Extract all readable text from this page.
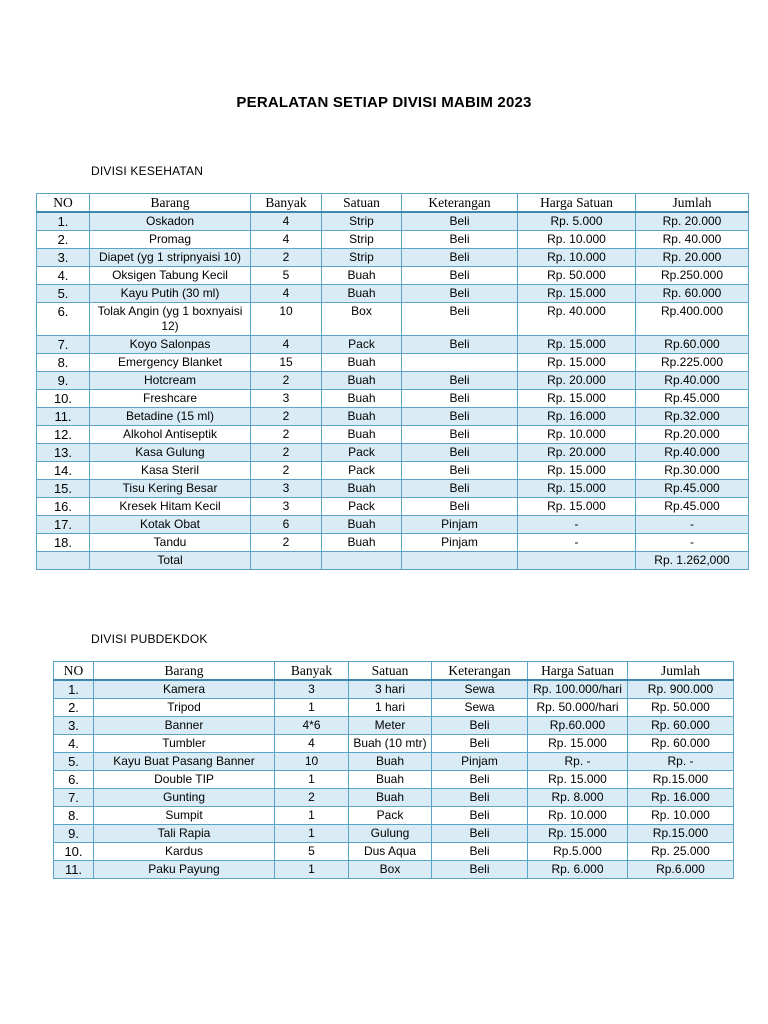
PERALATAN SETIAP DIVISI MABIM 2023
DIVISI KESEHATAN
NO	Barang	Banyak	Satuan	Keterangan	Harga Satuan	Jumlah
1.	Oskadon	4	Strip	Beli	Rp. 5.000	Rp. 20.000
2.	Promag	4	Strip	Beli	Rp. 10.000	Rp. 40.000
3.	Diapet (yg 1 stripnyaisi 10)	2	Strip	Beli	Rp. 10.000	Rp. 20.000
4.	Oksigen Tabung Kecil	5	Buah	Beli	Rp. 50.000	Rp.250.000
5.	Kayu Putih (30 ml)	4	Buah	Beli	Rp. 15.000	Rp. 60.000
6.	Tolak Angin (yg 1 boxnyaisi 12)	10	Box	Beli	Rp. 40.000	Rp.400.000
7.	Koyo Salonpas	4	Pack	Beli	Rp. 15.000	Rp.60.000
8.	Emergency Blanket	15	Buah		Rp. 15.000	Rp.225.000
9.	Hotcream	2	Buah	Beli	Rp. 20.000	Rp.40.000
10.	Freshcare	3	Buah	Beli	Rp. 15.000	Rp.45.000
11.	Betadine (15 ml)	2	Buah	Beli	Rp. 16.000	Rp.32.000
12.	Alkohol Antiseptik	2	Buah	Beli	Rp. 10.000	Rp.20.000
13.	Kasa Gulung	2	Pack	Beli	Rp. 20.000	Rp.40.000
14.	Kasa Steril	2	Pack	Beli	Rp. 15.000	Rp.30.000
15.	Tisu Kering Besar	3	Buah	Beli	Rp. 15.000	Rp.45.000
16.	Kresek Hitam Kecil	3	Pack	Beli	Rp. 15.000	Rp.45.000
17.	Kotak Obat	6	Buah	Pinjam	-	-
18.	Tandu	2	Buah	Pinjam	-	-
	Total					Rp. 1.262,000
DIVISI PUBDEKDOK
NO	Barang	Banyak	Satuan	Keterangan	Harga Satuan	Jumlah
1.	Kamera	3	3 hari	Sewa	Rp. 100.000/hari	Rp. 900.000
2.	Tripod	1	1 hari	Sewa	Rp. 50.000/hari	Rp. 50.000
3.	Banner	4*6	Meter	Beli	Rp.60.000	Rp. 60.000
4.	Tumbler	4	Buah (10 mtr)	Beli	Rp. 15.000	Rp. 60.000
5.	Kayu Buat Pasang Banner	10	Buah	Pinjam	Rp. -	Rp. -
6.	Double TIP	1	Buah	Beli	Rp. 15.000	Rp.15.000
7.	Gunting	2	Buah	Beli	Rp. 8.000	Rp. 16.000
8.	Sumpit	1	Pack	Beli	Rp. 10.000	Rp. 10.000
9.	Tali Rapia	1	Gulung	Beli	Rp. 15.000	Rp.15.000
10.	Kardus	5	Dus Aqua	Beli	Rp.5.000	Rp. 25.000
11.	Paku Payung	1	Box	Beli	Rp. 6.000	Rp.6.000
